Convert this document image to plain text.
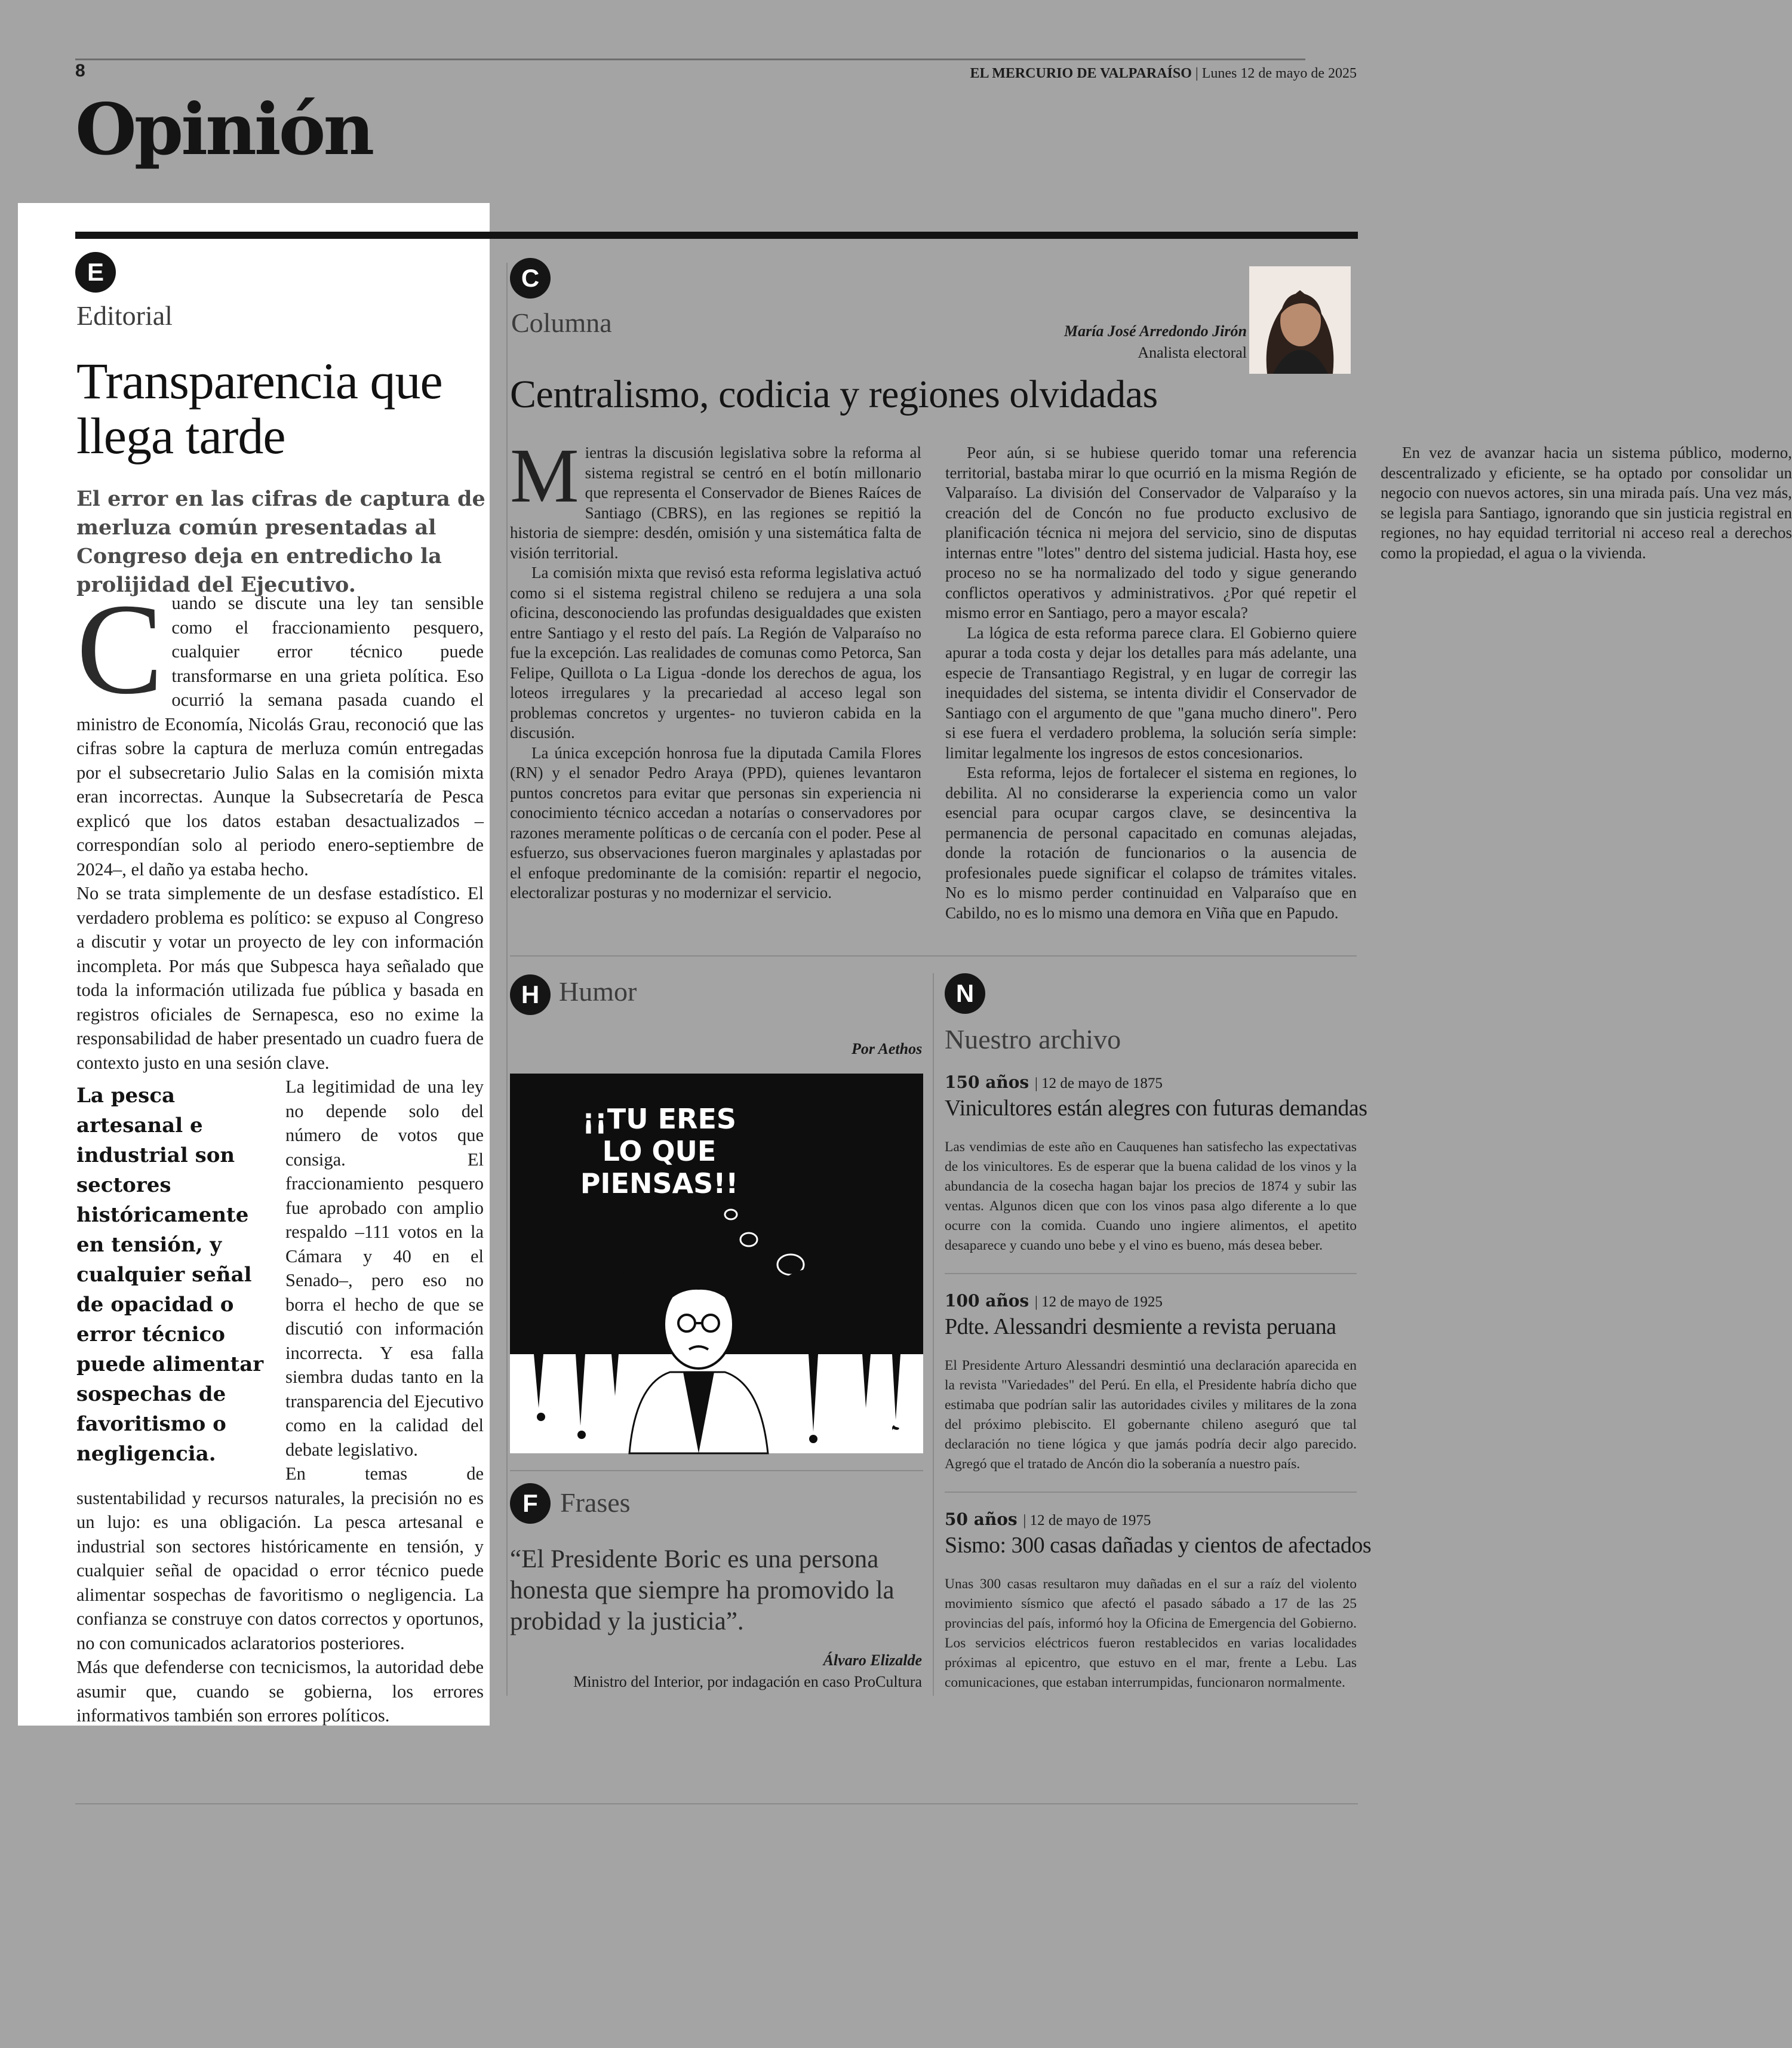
8	EL MERCURIO DE VALPARAÍSO | Lunes 12 de mayo de 2025
Opinión
E
Editorial
Transparencia que llega tarde
El error en las cifras de captura de merluza común presentadas al Congreso deja en entredicho la prolijidad del Ejecutivo.
C uando se discute una ley tan sensible como el fraccionamiento pesquero, cualquier error técnico puede transformarse en una grieta política. Eso ocurrió la semana pasada cuando el ministro de Economía, Nicolás Grau, reconoció que las cifras sobre la captura de merluza común entregadas por el subsecretario Julio Salas en la comisión mixta eran incorrectas. Aunque la Subsecretaría de Pesca explicó que los datos estaban desactualizados –correspondían solo al periodo enero-septiembre de 2024–, el daño ya estaba hecho.

No se trata simplemente de un desfase estadístico. El verdadero problema es político: se expuso al Congreso a discutir y votar un proyecto de ley con información incompleta. Por más que Subpesca haya señalado que toda la información utilizada fue pública y basada en registros oficiales de Sernapesca, eso no exime la responsabilidad de haber presentado un cuadro fuera de contexto justo en una sesión clave.

La pesca artesanal e industrial son sectores históricamente en tensión, y cualquier señal de opacidad o error técnico puede alimentar sospechas de favoritismo o negligencia.

La legitimidad de una ley no depende solo del número de votos que consiga. El fraccionamiento pesquero fue aprobado con amplio respaldo –111 votos en la Cámara y 40 en el Senado–, pero eso no borra el hecho de que se discutió con información incorrecta. Y esa falla siembra dudas tanto en la transparencia del Ejecutivo como en la calidad del debate legislativo.

En temas de sustentabilidad y recursos naturales, la precisión no es un lujo: es una obligación. La pesca artesanal e industrial son sectores históricamente en tensión, y cualquier señal de opacidad o error técnico puede alimentar sospechas de favoritismo o negligencia. La confianza se construye con datos correctos y oportunos, no con comunicados aclaratorios posteriores.

Más que defenderse con tecnicismos, la autoridad debe asumir que, cuando se gobierna, los errores informativos también son errores políticos.

C
Columna	María José Arredondo Jirón
Analista electoral
Centralismo, codicia y regiones olvidadas

Mientras la discusión legislativa sobre la reforma al sistema registral se centró en el botín millonario que representa el Conservador de Bienes Raíces de Santiago (CBRS), en las regiones se repitió la historia de siempre: desdén, omisión y una sistemática falta de visión territorial.

La comisión mixta que revisó esta reforma legislativa actuó como si el sistema registral chileno se redujera a una sola oficina, desconociendo las profundas desigualdades que existen entre Santiago y el resto del país. La Región de Valparaíso no fue la excepción. Las realidades de comunas como Petorca, San Felipe, Quillota o La Ligua -donde los derechos de agua, los loteos irregulares y la precariedad al acceso legal son problemas concretos y urgentes- no tuvieron cabida en la discusión.

La única excepción honrosa fue la diputada Camila Flores (RN) y el senador Pedro Araya (PPD), quienes levantaron puntos concretos para evitar que personas sin experiencia ni conocimiento técnico accedan a notarías o conservadores por razones meramente políticas o de cercanía con el poder. Pese al esfuerzo, sus observaciones fueron marginales y aplastadas por el enfoque predominante de la comisión: repartir el negocio, electoralizar posturas y no modernizar el servicio.

Peor aún, si se hubiese querido tomar una referencia territorial, bastaba mirar lo que ocurrió en la misma Región de Valparaíso. La división del Conservador de Valparaíso y la creación del de Concón no fue producto exclusivo de planificación técnica ni mejora del servicio, sino de disputas internas entre "lotes" dentro del sistema judicial. Hasta hoy, ese proceso no se ha normalizado del todo y sigue generando conflictos operativos y administrativos. ¿Por qué repetir el mismo error en Santiago, pero a mayor escala?

La lógica de esta reforma parece clara. El Gobierno quiere apurar a toda costa y dejar los detalles para más adelante, una especie de Transantiago Registral, y en lugar de corregir las inequidades del sistema, se intenta dividir el Conservador de Santiago con el argumento de que "gana mucho dinero". Pero si ese fuera el verdadero problema, la solución sería simple: limitar legalmente los ingresos de estos concesionarios.

Esta reforma, lejos de fortalecer el sistema en regiones, lo debilita. Al no considerarse la experiencia como un valor esencial para ocupar cargos clave, se desincentiva la permanencia de personal capacitado en comunas alejadas, donde la rotación de funcionarios o la ausencia de profesionales puede significar el colapso de trámites vitales. No es lo mismo perder continuidad en Valparaíso que en Cabildo, no es lo mismo una demora en Viña que en Papudo.

En vez de avanzar hacia un sistema público, moderno, descentralizado y eficiente, se ha optado por consolidar un negocio con nuevos actores, sin una mirada país. Una vez más, se legisla para Santiago, ignorando que sin justicia registral en regiones, no hay equidad territorial ni acceso real a derechos como la propiedad, el agua o la vivienda.

H Humor
Por Aethos
¡¡TU ERES
LO QUE
PIENSAS!!
AETHOS
F Frases
“El Presidente Boric es una persona honesta que siempre ha promovido la probidad y la justicia”.
Álvaro Elizalde
Ministro del Interior, por indagación en caso ProCultura
N
Nuestro archivo
150 años | 12 de mayo de 1875
Vinicultores están alegres con futuras demandas
Las vendimias de este año en Cauquenes han satisfecho las expectativas de los vinicultores. Es de esperar que la buena calidad de los vinos y la abundancia de la cosecha hagan bajar los precios de 1874 y subir las ventas. Algunos dicen que con los vinos pasa algo diferente a lo que ocurre con la comida. Cuando uno ingiere alimentos, el apetito desaparece y cuando uno bebe y el vino es bueno, más desea beber.
100 años | 12 de mayo de 1925
Pdte. Alessandri desmiente a revista peruana
El Presidente Arturo Alessandri desmintió una declaración aparecida en la revista "Variedades" del Perú. En ella, el Presidente habría dicho que estimaba que podrían salir las autoridades civiles y militares de la zona del próximo plebiscito. El gobernante chileno aseguró que tal declaración no tiene lógica y que jamás podría decir algo parecido. Agregó que el tratado de Ancón dio la soberanía a nuestro país.
50 años | 12 de mayo de 1975
Sismo: 300 casas dañadas y cientos de afectados
Unas 300 casas resultaron muy dañadas en el sur a raíz del violento movimiento sísmico que afectó el pasado sábado a 17 de las 25 provincias del país, informó hoy la Oficina de Emergencia del Gobierno. Los servicios eléctricos fueron restablecidos en varias localidades próximas al epicentro, que estuvo en el mar, frente a Lebu. Las comunicaciones, que estaban interrumpidas, funcionaron normalmente.
